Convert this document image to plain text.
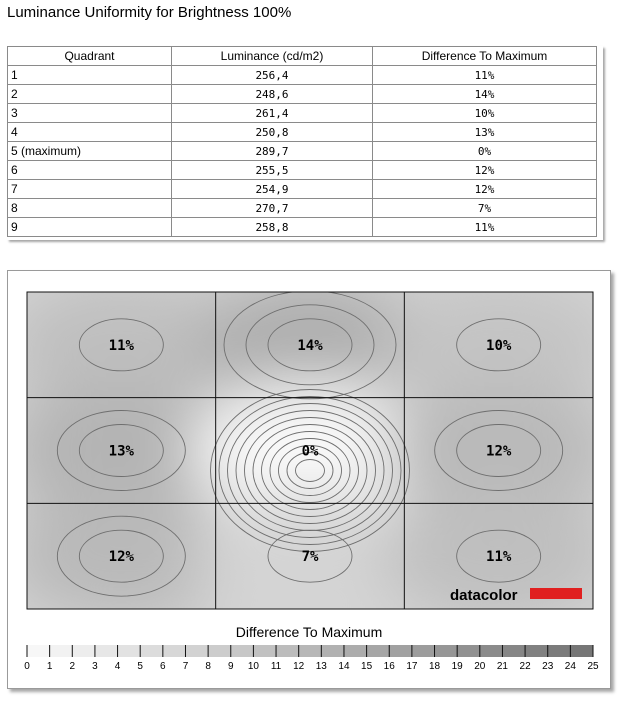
Luminance Uniformity for Brightness 100%
Quadrant	Luminance (cd/m2)	Difference To Maximum
1	256,4	11%
2	248,6	14%
3	261,4	10%
4	250,8	13%
5 (maximum)	289,7	0%
6	255,5	12%
7	254,9	12%
8	270,7	7%
9	258,8	11%
11%	14%	10%
13%	0%	12%
12%	7%	11%
datacolor
Difference To Maximum
0 1 2 3 4 5 6 7 8 9 10 11 12 13 14 15 16 17 18 19 20 21 22 23 24 25
